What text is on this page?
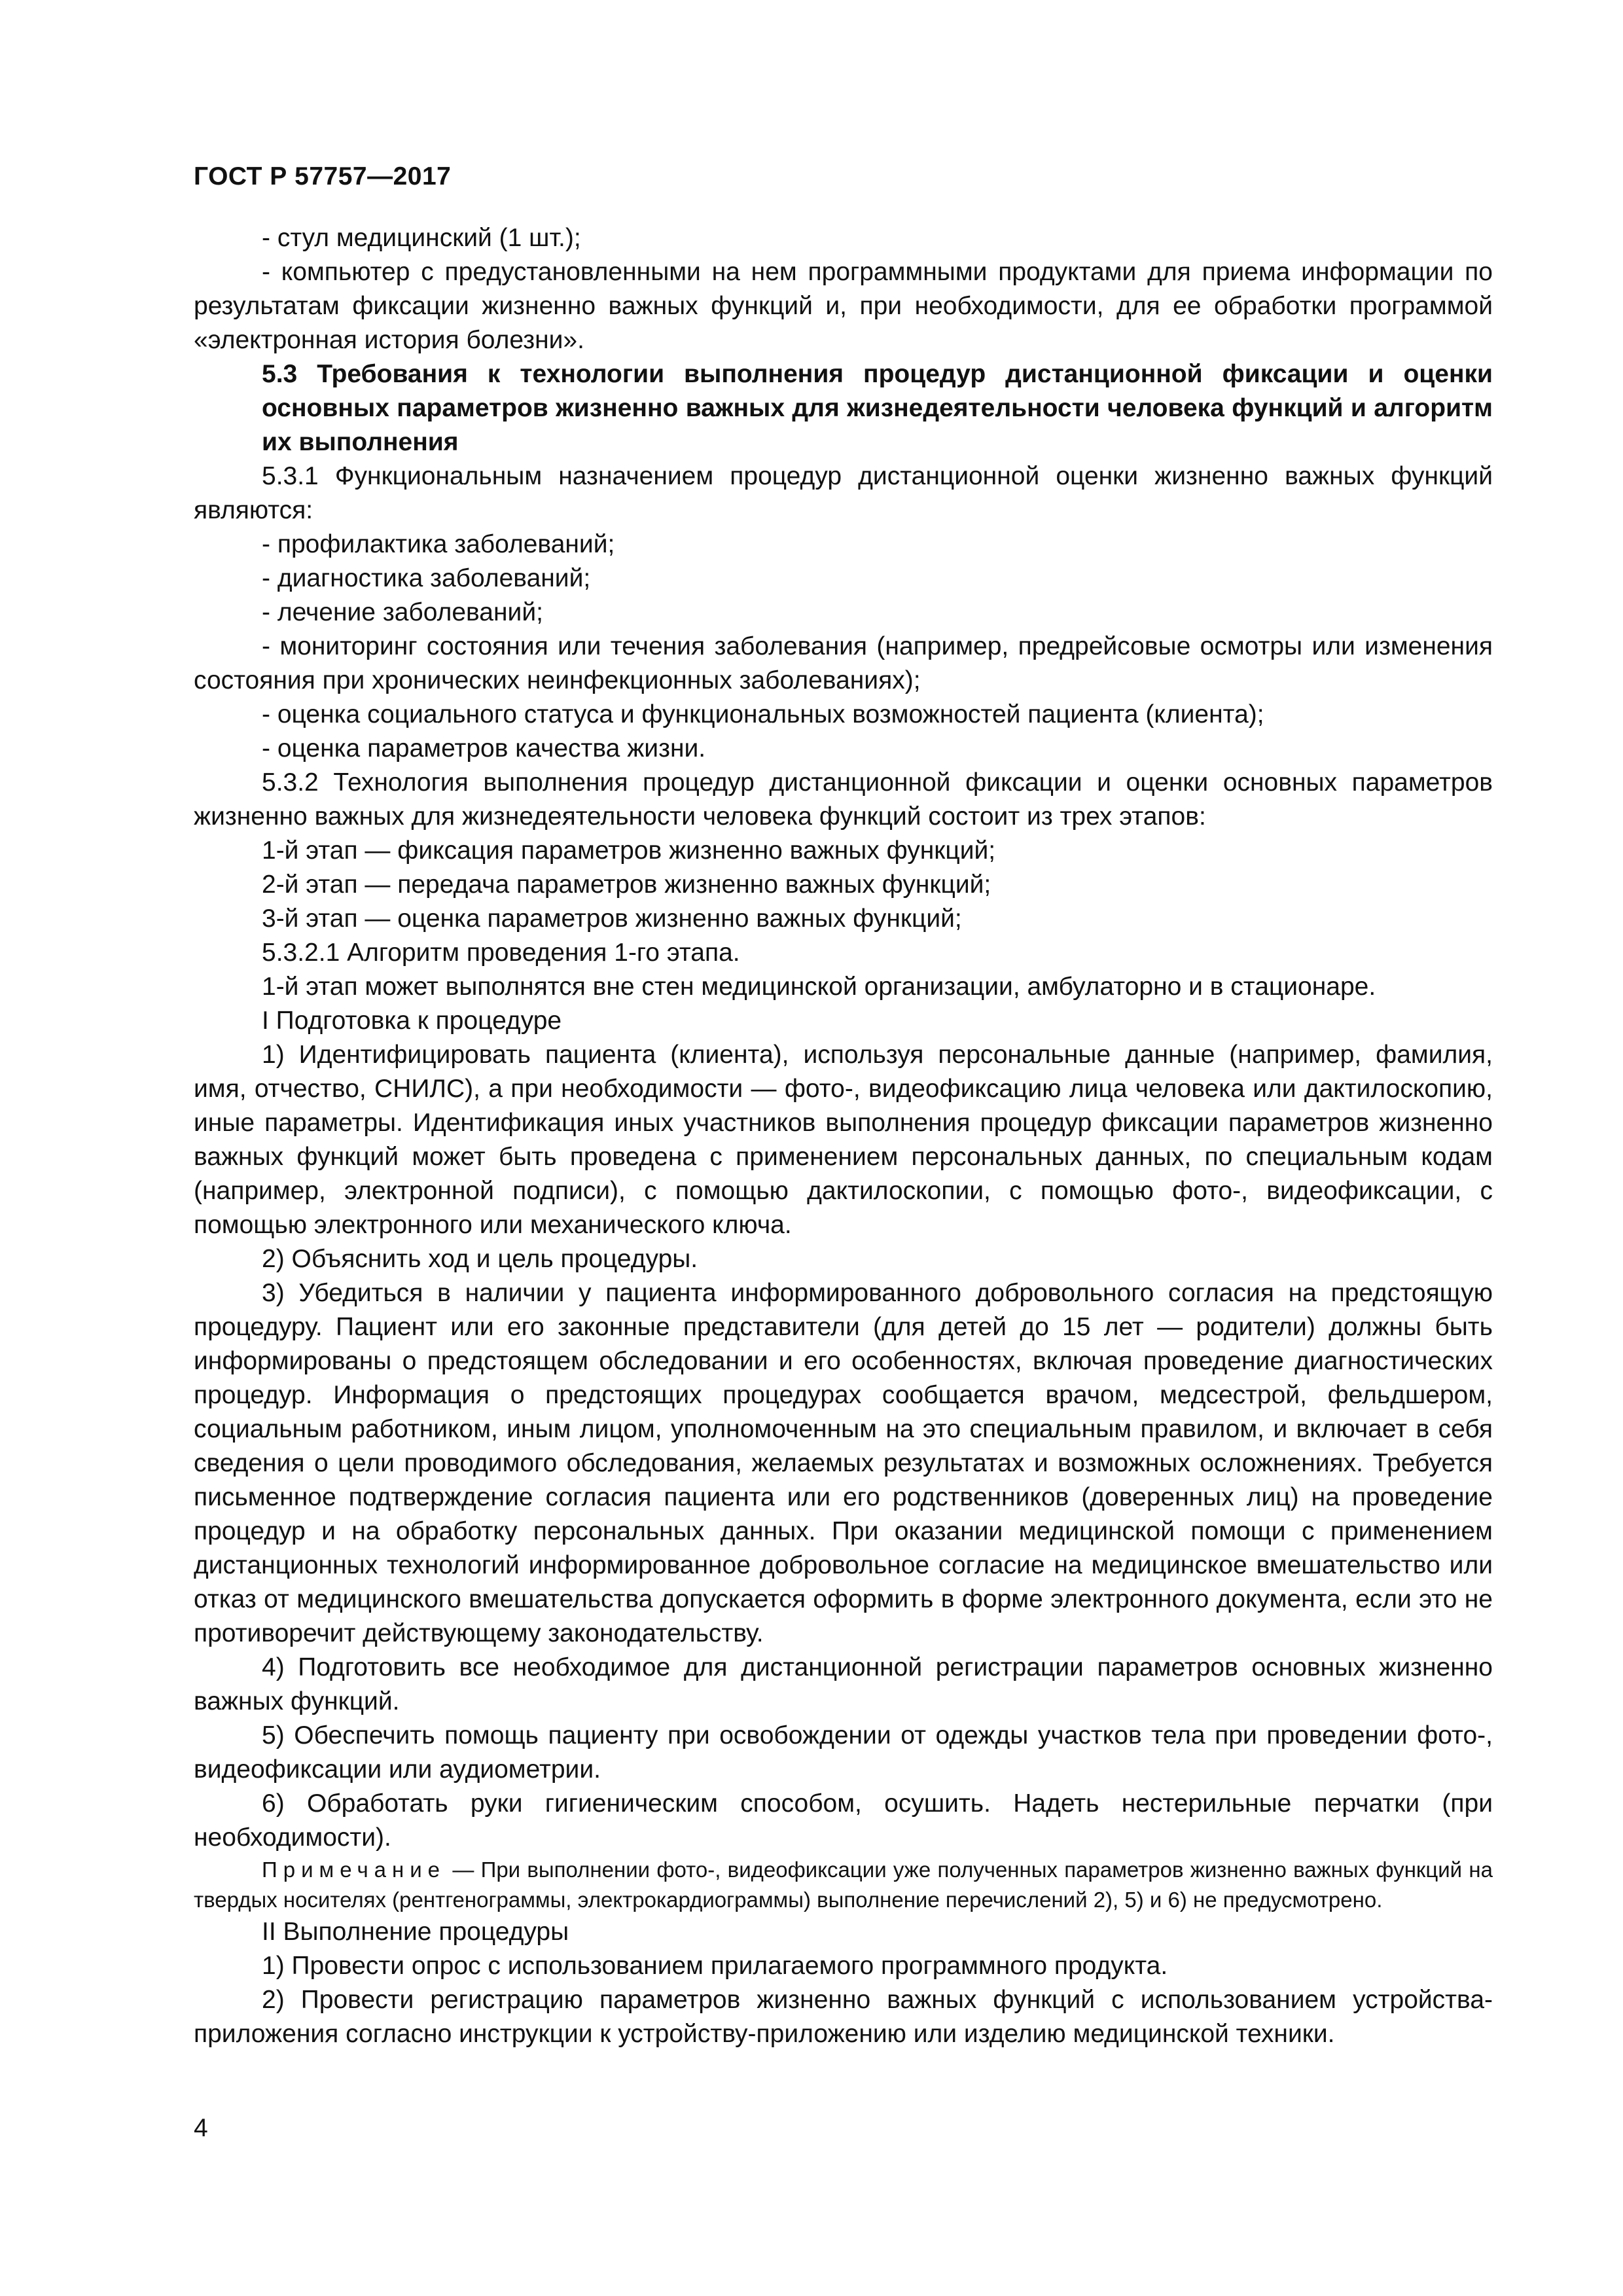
ГОСТ Р 57757—2017

- стул медицинский (1 шт.);

- компьютер с предустановленными на нем программными продуктами для приема информации по результатам фиксации жизненно важных функций и, при необходимости, для ее обработки программой «электронная история болезни».

5.3 Требования к технологии выполнения процедур дистанционной фиксации и оценки основных параметров жизненно важных для жизнедеятельности человека функций и алгоритм их выполнения

5.3.1 Функциональным назначением процедур дистанционной оценки жизненно важных функций являются:

- профилактика заболеваний;

- диагностика заболеваний;

- лечение заболеваний;

- мониторинг состояния или течения заболевания (например, предрейсовые осмотры или изменения состояния при хронических неинфекционных заболеваниях);

- оценка социального статуса и функциональных возможностей пациента (клиента);

- оценка параметров качества жизни.

5.3.2 Технология выполнения процедур дистанционной фиксации и оценки основных параметров жизненно важных для жизнедеятельности человека функций состоит из трех этапов:

1-й этап — фиксация параметров жизненно важных функций;

2-й этап — передача параметров жизненно важных функций;

3-й этап — оценка параметров жизненно важных функций;

5.3.2.1 Алгоритм проведения 1-го этапа.

1-й этап может выполнятся вне стен медицинской организации, амбулаторно и в стационаре.

I Подготовка к процедуре

1) Идентифицировать пациента (клиента), используя персональные данные (например, фамилия, имя, отчество, СНИЛС), а при необходимости — фото-, видеофиксацию лица человека или дактилоскопию, иные параметры. Идентификация иных участников выполнения процедур фиксации параметров жизненно важных функций может быть проведена с применением персональных данных, по специальным кодам (например, электронной подписи), с помощью дактилоскопии, с помощью фото-, видеофиксации, с помощью электронного или механического ключа.

2) Объяснить ход и цель процедуры.

3) Убедиться в наличии у пациента информированного добровольного согласия на предстоящую процедуру. Пациент или его законные представители (для детей до 15 лет — родители) должны быть информированы о предстоящем обследовании и его особенностях, включая проведение диагностических процедур. Информация о предстоящих процедурах сообщается врачом, медсестрой, фельдшером, социальным работником, иным лицом, уполномоченным на это специальным правилом, и включает в себя сведения о цели проводимого обследования, желаемых результатах и возможных осложнениях. Требуется письменное подтверждение согласия пациента или его родственников (доверенных лиц) на проведение процедур и на обработку персональных данных. При оказании медицинской помощи с применением дистанционных технологий информированное добровольное согласие на медицинское вмешательство или отказ от медицинского вмешательства допускается оформить в форме электронного документа, если это не противоречит действующему законодательству.

4) Подготовить все необходимое для дистанционной регистрации параметров основных жизненно важных функций.

5) Обеспечить помощь пациенту при освобождении от одежды участков тела при проведении фото-, видеофиксации или аудиометрии.

6) Обработать руки гигиеническим способом, осушить. Надеть нестерильные перчатки (при необходимости).

Примечание — При выполнении фото-, видеофиксации уже полученных параметров жизненно важных функций на твердых носителях (рентгенограммы, электрокардиограммы) выполнение перечислений 2), 5) и 6) не предусмотрено.

II Выполнение процедуры

1) Провести опрос с использованием прилагаемого программного продукта.

2) Провести регистрацию параметров жизненно важных функций с использованием устройства-приложения согласно инструкции к устройству-приложению или изделию медицинской техники.

4
